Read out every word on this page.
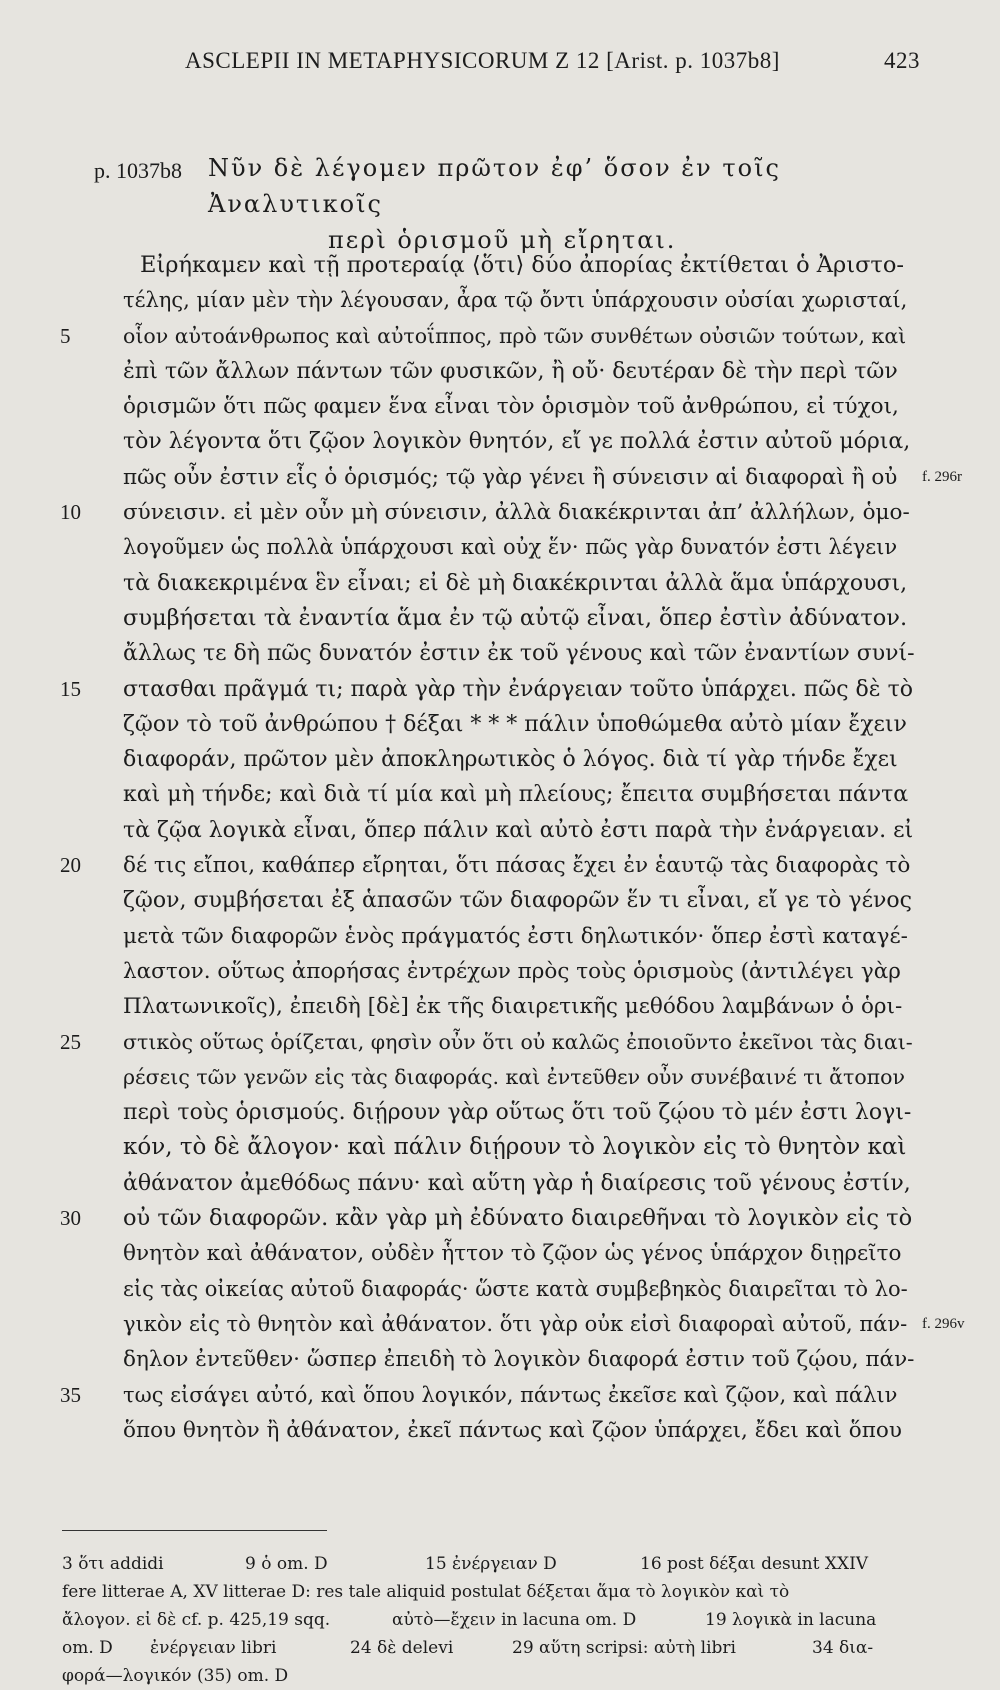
ASCLEPII IN METAPHYSICORUM Z 12 [Arist. p. 1037b8]	423
p. 1037b8 Νῦν δὲ λέγομεν πρῶτον ἐφ’ ὅσον ἐν τοῖς Ἀναλυτικοῖς
περὶ ὁρισμοῦ μὴ εἴρηται.
Εἰρήκαμεν καὶ τῇ προτεραίᾳ ⟨ὅτι⟩ δύο ἀπορίας ἐκτίθεται ὁ Ἀριστο-
τέλης, μίαν μὲν τὴν λέγουσαν, ἆρα τῷ ὄντι ὑπάρχουσιν οὐσίαι χωρισταί,
5	οἷον αὐτοάνθρωπος καὶ αὐτοΐππος, πρὸ τῶν συνθέτων οὐσιῶν τούτων, καὶ
ἐπὶ τῶν ἄλλων πάντων τῶν φυσικῶν, ἢ οὔ· δευτέραν δὲ τὴν περὶ τῶν
ὁρισμῶν ὅτι πῶς φαμεν ἕνα εἶναι τὸν ὁρισμὸν τοῦ ἀνθρώπου, εἰ τύχοι,
τὸν λέγοντα ὅτι ζῷον λογικὸν θνητόν, εἴ γε πολλά ἐστιν αὐτοῦ μόρια,
πῶς οὖν ἐστιν εἷς ὁ ὁρισμός; τῷ γὰρ γένει ἢ σύνεισιν αἱ διαφοραὶ ἢ οὐ f. 296r
10	σύνεισιν. εἰ μὲν οὖν μὴ σύνεισιν, ἀλλὰ διακέκρινται ἀπ’ ἀλλήλων, ὁμο-
λογοῦμεν ὡς πολλὰ ὑπάρχουσι καὶ οὐχ ἕν· πῶς γὰρ δυνατόν ἐστι λέγειν
τὰ διακεκριμένα ἓν εἶναι; εἰ δὲ μὴ διακέκρινται ἀλλὰ ἅμα ὑπάρχουσι,
συμβήσεται τὰ ἐναντία ἅμα ἐν τῷ αὐτῷ εἶναι, ὅπερ ἐστὶν ἀδύνατον.
ἄλλως τε δὴ πῶς δυνατόν ἐστιν ἐκ τοῦ γένους καὶ τῶν ἐναντίων συνί-
15	στασθαι πρᾶγμά τι; παρὰ γὰρ τὴν ἐνάργειαν τοῦτο ὑπάρχει. πῶς δὲ τὸ
ζῷον τὸ τοῦ ἀνθρώπου † δέξαι * * * πάλιν ὑποθώμεθα αὐτὸ μίαν ἔχειν
διαφοράν, πρῶτον μὲν ἀποκληρωτικὸς ὁ λόγος. διὰ τί γὰρ τήνδε ἔχει
καὶ μὴ τήνδε; καὶ διὰ τί μία καὶ μὴ πλείους; ἔπειτα συμβήσεται πάντα
τὰ ζῷα λογικὰ εἶναι, ὅπερ πάλιν καὶ αὐτὸ ἐστι παρὰ τὴν ἐνάργειαν. εἰ
20	δέ τις εἴποι, καθάπερ εἴρηται, ὅτι πάσας ἔχει ἐν ἑαυτῷ τὰς διαφορὰς τὸ
ζῷον, συμβήσεται ἐξ ἁπασῶν τῶν διαφορῶν ἕν τι εἶναι, εἴ γε τὸ γένος
μετὰ τῶν διαφορῶν ἑνὸς πράγματός ἐστι δηλωτικόν· ὅπερ ἐστὶ καταγέ-
λαστον. οὕτως ἀπορήσας ἐντρέχων πρὸς τοὺς ὁρισμοὺς (ἀντιλέγει γὰρ
Πλατωνικοῖς), ἐπειδὴ [δὲ] ἐκ τῆς διαιρετικῆς μεθόδου λαμβάνων ὁ ὁρι-
25	στικὸς οὕτως ὁρίζεται, φησὶν οὖν ὅτι οὐ καλῶς ἐποιοῦντο ἐκεῖνοι τὰς διαι-
ρέσεις τῶν γενῶν εἰς τὰς διαφοράς. καὶ ἐντεῦθεν οὖν συνέβαινέ τι ἄτοπον
περὶ τοὺς ὁρισμούς. διῄρουν γὰρ οὕτως ὅτι τοῦ ζῴου τὸ μέν ἐστι λογι-
κόν, τὸ δὲ ἄλογον· καὶ πάλιν διῄρουν τὸ λογικὸν εἰς τὸ θνητὸν καὶ
ἀθάνατον ἀμεθόδως πάνυ· καὶ αὕτη γὰρ ἡ διαίρεσις τοῦ γένους ἐστίν,
30	οὐ τῶν διαφορῶν. κἂν γὰρ μὴ ἐδύνατο διαιρεθῆναι τὸ λογικὸν εἰς τὸ
θνητὸν καὶ ἀθάνατον, οὐδὲν ἧττον τὸ ζῷον ὡς γένος ὑπάρχον διῃρεῖτο
εἰς τὰς οἰκείας αὐτοῦ διαφοράς· ὥστε κατὰ συμβεβηκὸς διαιρεῖται τὸ λο-
γικὸν εἰς τὸ θνητὸν καὶ ἀθάνατον. ὅτι γὰρ οὐκ εἰσὶ διαφοραὶ αὐτοῦ, πάν- f. 296v
δηλον ἐντεῦθεν· ὥσπερ ἐπειδὴ τὸ λογικὸν διαφορά ἐστιν τοῦ ζῴου, πάν-
35	τως εἰσάγει αὐτό, καὶ ὅπου λογικόν, πάντως ἐκεῖσε καὶ ζῷον, καὶ πάλιν
ὅπου θνητὸν ἢ ἀθάνατον, ἐκεῖ πάντως καὶ ζῷον ὑπάρχει, ἔδει καὶ ὅπου
3 ὅτι addidi	9 ὁ om. D	15 ἐνέργειαν D	16 post δέξαι desunt XXIV
fere litterae A, XV litterae D: res tale aliquid postulat δέξεται ἅμα τὸ λογικὸν καὶ τὸ
ἄλογον. εἰ δὲ cf. p. 425,19 sqq.	αὐτὸ—ἔχειν in lacuna om. D	19 λογικὰ in lacuna
om. D ἐνέργειαν libri	24 δὲ delevi	29 αὕτη scripsi: αὐτὴ libri	34 δια-
φορά—λογικόν (35) om. D
